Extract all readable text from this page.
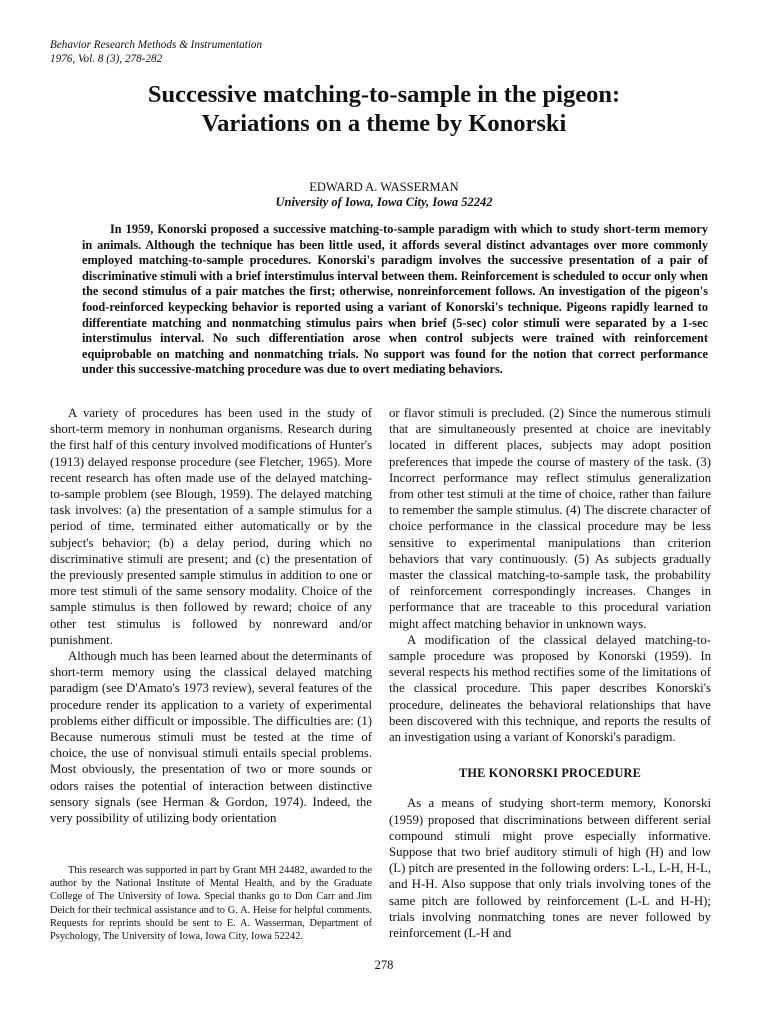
Behavior Research Methods & Instrumentation
1976, Vol. 8 (3), 278-282
Successive matching-to-sample in the pigeon:
Variations on a theme by Konorski
EDWARD A. WASSERMAN
University of Iowa, Iowa City, Iowa 52242

In 1959, Konorski proposed a successive matching-to-sample paradigm with which to study short-term memory in animals. Although the technique has been little used, it affords several distinct advantages over more commonly employed matching-to-sample procedures. Konorski's paradigm involves the successive presentation of a pair of discriminative stimuli with a brief interstimulus interval between them. Reinforcement is scheduled to occur only when the second stimulus of a pair matches the first; otherwise, nonreinforcement follows. An investigation of the pigeon's food-reinforced keypecking behavior is reported using a variant of Konorski's technique. Pigeons rapidly learned to differentiate matching and nonmatching stimulus pairs when brief (5-sec) color stimuli were separated by a 1-sec interstimulus interval. No such differentiation arose when control subjects were trained with reinforcement equiprobable on matching and nonmatching trials. No support was found for the notion that correct performance under this successive-matching procedure was due to overt mediating behaviors.

A variety of procedures has been used in the study of short-term memory in nonhuman organisms. Research during the first half of this century involved modifications of Hunter's (1913) delayed response procedure (see Fletcher, 1965). More recent research has often made use of the delayed matching-to-sample problem (see Blough, 1959). The delayed matching task involves: (a) the presentation of a sample stimulus for a period of time, terminated either automatically or by the subject's behavior; (b) a delay period, during which no discriminative stimuli are present; and (c) the presentation of the previously presented sample stimulus in addition to one or more test stimuli of the same sensory modality. Choice of the sample stimulus is then followed by reward; choice of any other test stimulus is followed by nonreward and/or punishment.

Although much has been learned about the determinants of short-term memory using the classical delayed matching paradigm (see D'Amato's 1973 review), several features of the procedure render its application to a variety of experimental problems either difficult or impossible. The difficulties are: (1) Because numerous stimuli must be tested at the time of choice, the use of nonvisual stimuli entails special problems. Most obviously, the presentation of two or more sounds or odors raises the potential of interaction between distinctive sensory signals (see Herman & Gordon, 1974). Indeed, the very possibility of utilizing body orientation

This research was supported in part by Grant MH 24482, awarded to the author by the National Institute of Mental Health, and by the Graduate College of The University of Iowa. Special thanks go to Don Carr and Jim Deich for their technical assistance and to G. A. Heise for helpful comments. Requests for reprints should be sent to E. A. Wasserman, Department of Psychology, The University of Iowa, Iowa City, Iowa 52242.

or flavor stimuli is precluded. (2) Since the numerous stimuli that are simultaneously presented at choice are inevitably located in different places, subjects may adopt position preferences that impede the course of mastery of the task. (3) Incorrect performance may reflect stimulus generalization from other test stimuli at the time of choice, rather than failure to remember the sample stimulus. (4) The discrete character of choice performance in the classical procedure may be less sensitive to experimental manipulations than criterion behaviors that vary continuously. (5) As subjects gradually master the classical matching-to-sample task, the probability of reinforcement correspondingly increases. Changes in performance that are traceable to this procedural variation might affect matching behavior in unknown ways.

A modification of the classical delayed matching-to-sample procedure was proposed by Konorski (1959). In several respects his method rectifies some of the limitations of the classical procedure. This paper describes Konorski's procedure, delineates the behavioral relationships that have been discovered with this technique, and reports the results of an investigation using a variant of Konorski's paradigm.

THE KONORSKI PROCEDURE

As a means of studying short-term memory, Konorski (1959) proposed that discriminations between different serial compound stimuli might prove especially informative. Suppose that two brief auditory stimuli of high (H) and low (L) pitch are presented in the following orders: L-L, L-H, H-L, and H-H. Also suppose that only trials involving tones of the same pitch are followed by reinforcement (L-L and H-H); trials involving nonmatching tones are never followed by reinforcement (L-H and

278
